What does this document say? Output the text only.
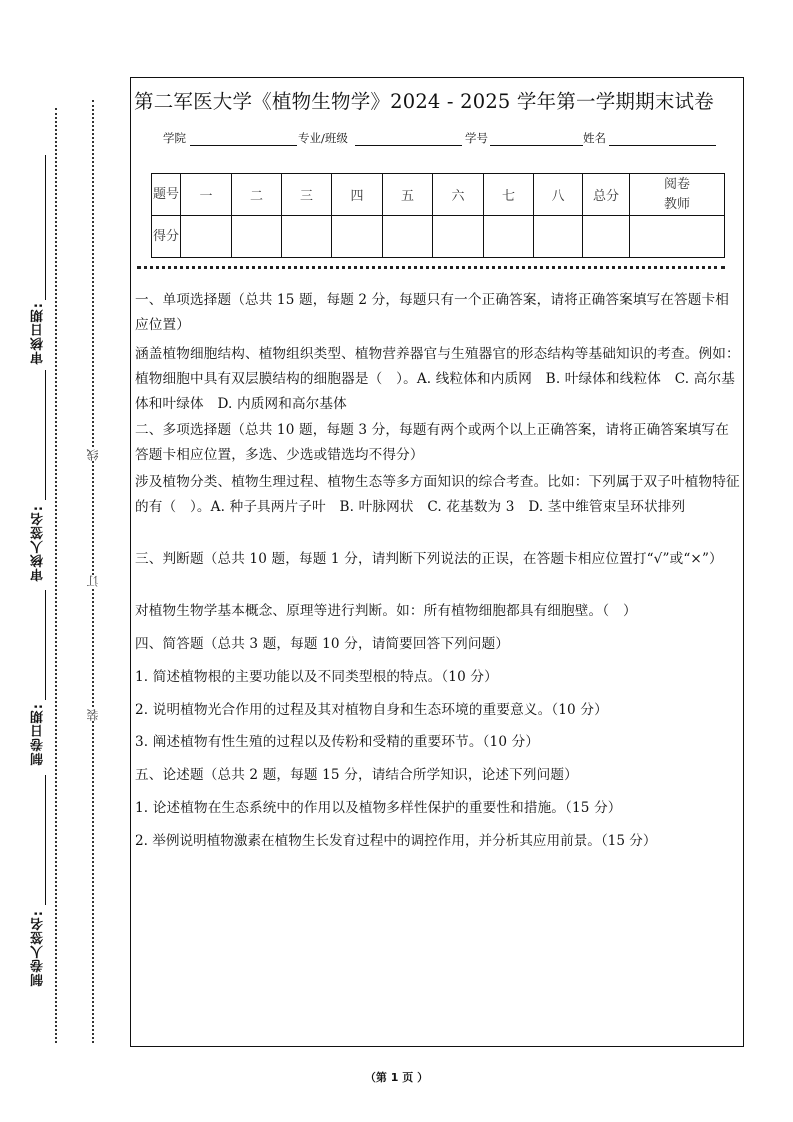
审核日期:
审核人签名:
制卷日期:
制卷人签名:
线
订
装
第二军医大学《植物生物学》2024 - 2025 学年第一学期期末试卷
学院	专业/班级	学号	姓名
题号	一	二	三	四	五	六	七	八	总分	阅卷教师

得分										
一、单项选择题（总共 15 题，每题 2 分，每题只有一个正确答案，请将正确答案填写在答题卡相应位置）
涵盖植物细胞结构、植物组织类型、植物营养器官与生殖器官的形态结构等基础知识的考查。例如：植物细胞中具有双层膜结构的细胞器是（　）。A. 线粒体和内质网　B. 叶绿体和线粒体　C. 高尔基体和叶绿体　D. 内质网和高尔基体
二、多项选择题（总共 10 题，每题 3 分，每题有两个或两个以上正确答案，请将正确答案填写在答题卡相应位置，多选、少选或错选均不得分）
涉及植物分类、植物生理过程、植物生态等多方面知识的综合考查。比如：下列属于双子叶植物特征的有（　）。A. 种子具两片子叶　B. 叶脉网状　C. 花基数为 3　D. 茎中维管束呈环状排列
三、判断题（总共 10 题，每题 1 分，请判断下列说法的正误，在答题卡相应位置打“√”或“×”）
对植物生物学基本概念、原理等进行判断。如：所有植物细胞都具有细胞壁。（　）
四、简答题（总共 3 题，每题 10 分，请简要回答下列问题）
1. 简述植物根的主要功能以及不同类型根的特点。（10 分）
2. 说明植物光合作用的过程及其对植物自身和生态环境的重要意义。（10 分）
3. 阐述植物有性生殖的过程以及传粉和受精的重要环节。（10 分）
五、论述题（总共 2 题，每题 15 分，请结合所学知识，论述下列问题）
1. 论述植物在生态系统中的作用以及植物多样性保护的重要性和措施。（15 分）
2. 举例说明植物激素在植物生长发育过程中的调控作用，并分析其应用前景。（15 分）
（第 1 页 ）
